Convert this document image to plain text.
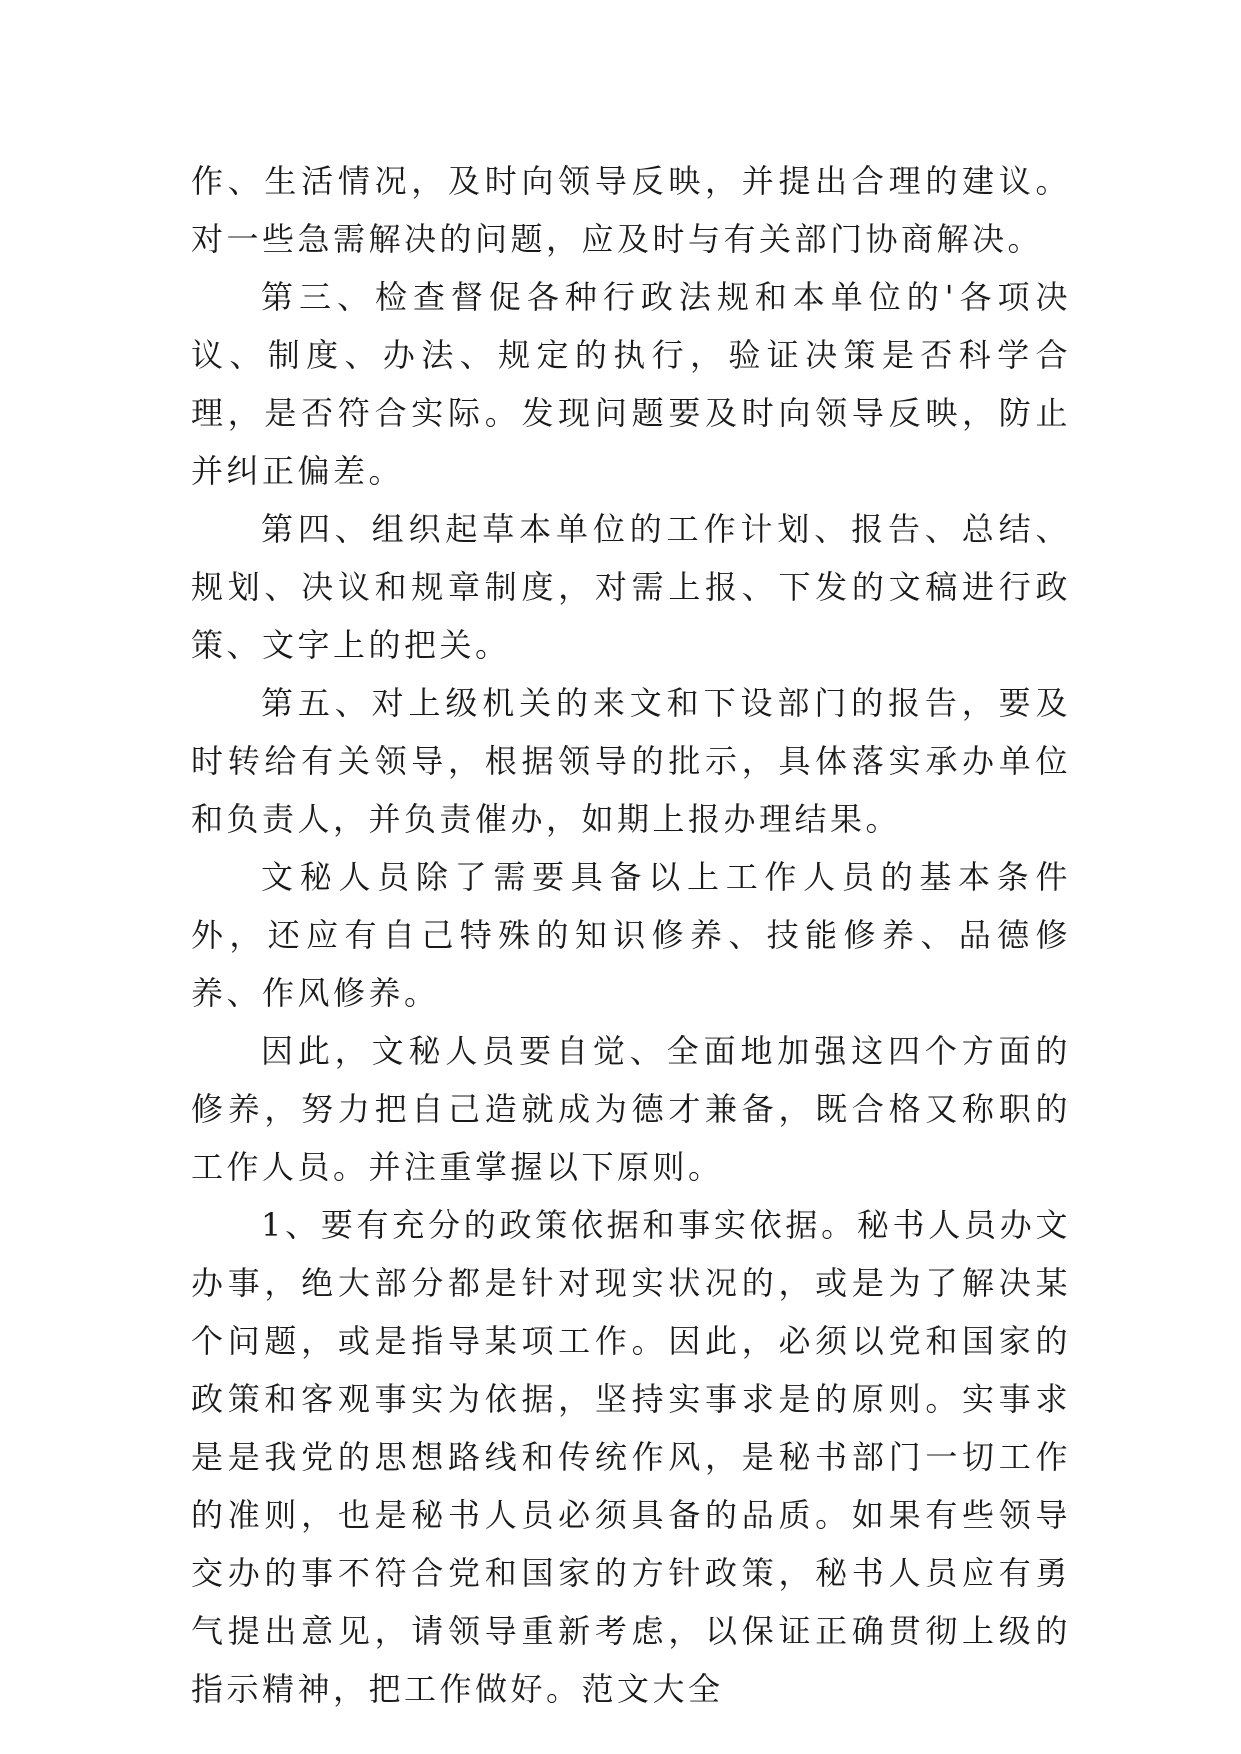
作、生活情况，及时向领导反映，并提出合理的建议。对一些急需解决的问题，应及时与有关部门协商解决。

第三、检查督促各种行政法规和本单位的'各项决议、制度、办法、规定的执行，验证决策是否科学合理，是否符合实际。发现问题要及时向领导反映，防止并纠正偏差。

第四、组织起草本单位的工作计划、报告、总结、规划、决议和规章制度，对需上报、下发的文稿进行政策、文字上的把关。

第五、对上级机关的来文和下设部门的报告，要及时转给有关领导，根据领导的批示，具体落实承办单位和负责人，并负责催办，如期上报办理结果。

文秘人员除了需要具备以上工作人员的基本条件外，还应有自己特殊的知识修养、技能修养、品德修养、作风修养。

因此，文秘人员要自觉、全面地加强这四个方面的修养，努力把自己造就成为德才兼备，既合格又称职的工作人员。并注重掌握以下原则。

1、要有充分的政策依据和事实依据。秘书人员办文办事，绝大部分都是针对现实状况的，或是为了解决某个问题，或是指导某项工作。因此，必须以党和国家的政策和客观事实为依据，坚持实事求是的原则。实事求是是我党的思想路线和传统作风，是秘书部门一切工作的准则，也是秘书人员必须具备的品质。如果有些领导交办的事不符合党和国家的方针政策，秘书人员应有勇气提出意见，请领导重新考虑，以保证正确贯彻上级的指示精神，把工作做好。范文大全
